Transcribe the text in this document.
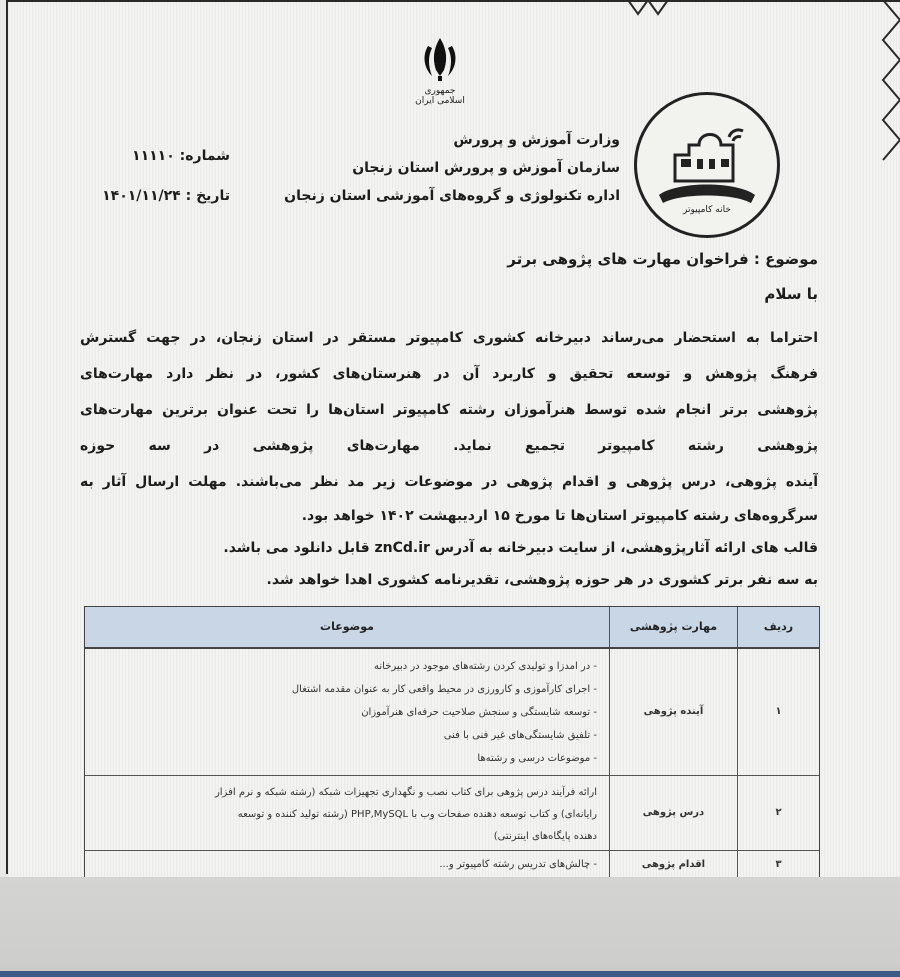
جمهوری اسلامی ایران
خانه کامپیوتر
وزارت آموزش و پرورش
سازمان آموزش و پرورش استان زنجان
اداره تکنولوژی و گروه‌های آموزشی استان زنجان
شماره: ۱۱۱۱۰
تاریخ : ۱۴۰۱/۱۱/۲۴
موضوع : فراخوان مهارت های پژوهی برتر
با سلام
احتراما به استحضار می‌رساند دبیرخانه کشوری کامپیوتر مستقر در استان زنجان، در جهت گسترش
فرهنگ پژوهش و توسعه تحقیق و کاربرد آن در هنرستان‌های کشور، در نظر دارد مهارت‌های
پژوهشی برتر انجام شده توسط هنرآموزان رشته کامپیوتر استان‌ها را تحت عنوان برترین مهارت‌های
پژوهشی رشته کامپیوتر تجمیع نماید. مهارت‌های پژوهشی در سه حوزه
آینده پژوهی، درس پژوهی و اقدام پژوهی در موضوعات زیر مد نظر می‌باشند. مهلت ارسال آثار به
سرگروه‌های رشته کامپیوتر استان‌ها تا مورخ ۱۵ اردیبهشت ۱۴۰۲ خواهد بود.
قالب های ارائه آثارپژوهشی، از سایت دبیرخانه به آدرس znCd.ir قابل دانلود می باشد.
به سه نفر برتر کشوری در هر حوزه پژوهشی، تقدیرنامه کشوری اهدا خواهد شد.
ردیف
مهارت پژوهشی
موضوعات
۱
آینده پژوهی
- در امدزا و تولیدی کردن رشته‌های موجود در دبیرخانه
- اجرای کارآموزی و کارورزی در محیط واقعی کار به عنوان مقدمه اشتغال
- توسعه شایستگی و سنجش صلاحیت حرفه‌ای هنرآموزان
- تلفیق شایستگی‌های غیر فنی با فنی
- موضوعات درسی و رشته‌ها
۲
درس پژوهی
ارائه فرآیند درس پژوهی برای کتاب نصب و نگهداری تجهیزات شبکه (رشته شبکه و نرم افزار
رایانه‌ای) و کتاب توسعه دهنده صفحات وب با PHP,MySQL (رشته تولید کننده و توسعه
دهنده پایگاه‌های اینترنتی)
۳
اقدام پژوهی
- چالش‌های تدریس رشته کامپیوتر و...
